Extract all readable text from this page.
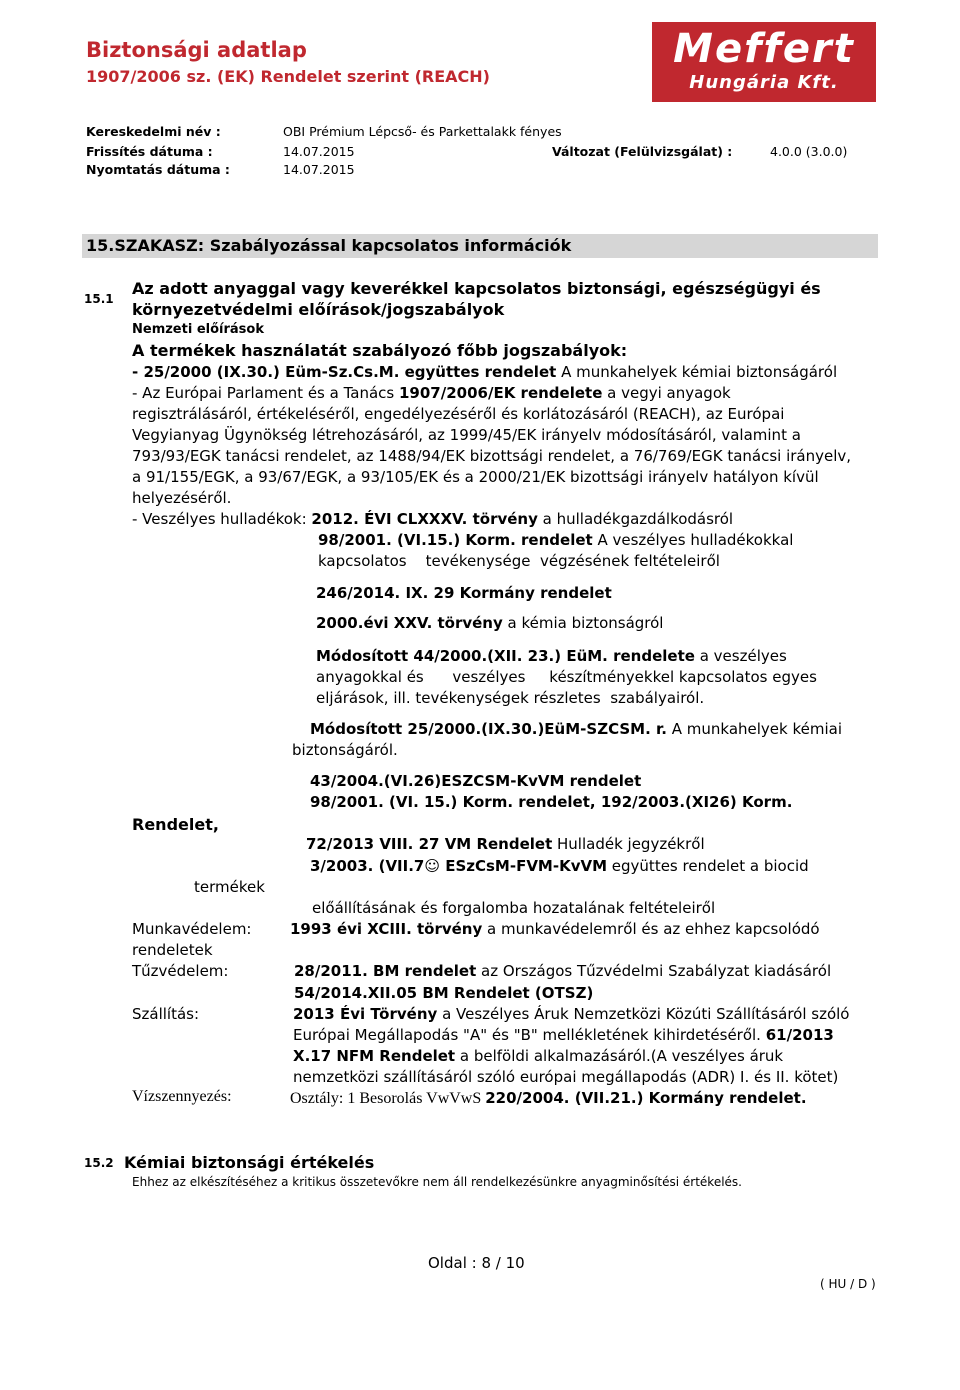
Biztonsági adatlap
1907/2006 sz. (EK) Rendelet szerint (REACH)
Meffert
Hungária Kft.
Kereskedelmi név :	OBI Prémium Lépcső- és Parkettalakk fényes
Frissítés dátuma :	14.07.2015	Változat (Felülvizsgálat) :	4.0.0 (3.0.0)
Nyomtatás dátuma :	14.07.2015
15.SZAKASZ: Szabályozással kapcsolatos információk
15.1
Az adott anyaggal vagy keverékkel kapcsolatos biztonsági, egészségügyi és
környezetvédelmi előírások/jogszabályok
Nemzeti előírások
A termékek használatát szabályozó főbb jogszabályok:
- 25/2000 (IX.30.) Eüm-Sz.Cs.M. együttes rendelet A munkahelyek kémiai biztonságáról
- Az Európai Parlament és a Tanács 1907/2006/EK rendelete a vegyi anyagok
regisztrálásáról, értékeléséről, engedélyezéséről és korlátozásáról (REACH), az Európai
Vegyianyag Ügynökség létrehozásáról, az 1999/45/EK irányelv módosításáról, valamint a
793/93/EGK tanácsi rendelet, az 1488/94/EK bizottsági rendelet, a 76/769/EGK tanácsi irányelv,
a 91/155/EGK, a 93/67/EGK, a 93/105/EK és a 2000/21/EK bizottsági irányelv hatályon kívül
helyezéséről.
- Veszélyes hulladékok: 2012. ÉVI CLXXXV. törvény a hulladékgazdálkodásról
98/2001. (VI.15.) Korm. rendelet A veszélyes hulladékokkal
kapcsolatos    tevékenysége  végzésének feltételeiről
246/2014. IX. 29 Kormány rendelet
2000.évi XXV. törvény a kémia biztonságról
Módosított 44/2000.(XII. 23.) EüM. rendelete a veszélyes
anyagokkal és      veszélyes     készítményekkel kapcsolatos egyes
eljárások, ill. tevékenységek részletes  szabályairól.
Módosított 25/2000.(IX.30.)EüM-SZCSM. r. A munkahelyek kémiai
biztonságáról.
43/2004.(VI.26)ESZCSM-KvVM rendelet
98/2001. (VI. 15.) Korm. rendelet, 192/2003.(XI26) Korm.
Rendelet,
72/2013 VIII. 27 VM Rendelet Hulladék jegyzékről
3/2003. (VII.7☺ ESzCsM-FVM-KvVM együttes rendelet a biocid
termékek
előállításának és forgalomba hozatalának feltételeiről
Munkavédelem:	1993 évi XCIII. törvény a munkavédelemről és az ehhez kapcsolódó
rendeletek
Tűzvédelem:	28/2011. BM rendelet az Országos Tűzvédelmi Szabályzat kiadásáról
54/2014.XII.05 BM Rendelet (OTSZ)
Szállítás:	2013 Évi Törvény a Veszélyes Áruk Nemzetközi Közúti Szállításáról szóló
Európai Megállapodás "A" és "B" mellékletének kihirdetéséről. 61/2013
X.17 NFM Rendelet a belföldi alkalmazásáról.(A veszélyes áruk
nemzetközi szállításáról szóló európai megállapodás (ADR) I. és II. kötet)
Vízszennyezés:	Osztály: 1 Besorolás VwVwS 220/2004. (VII.21.) Kormány rendelet.
15.2 Kémiai biztonsági értékelés
Ehhez az elkészítéséhez a kritikus összetevőkre nem áll rendelkezésünkre anyagminősítési értékelés.
Oldal : 8 / 10
( HU / D )
